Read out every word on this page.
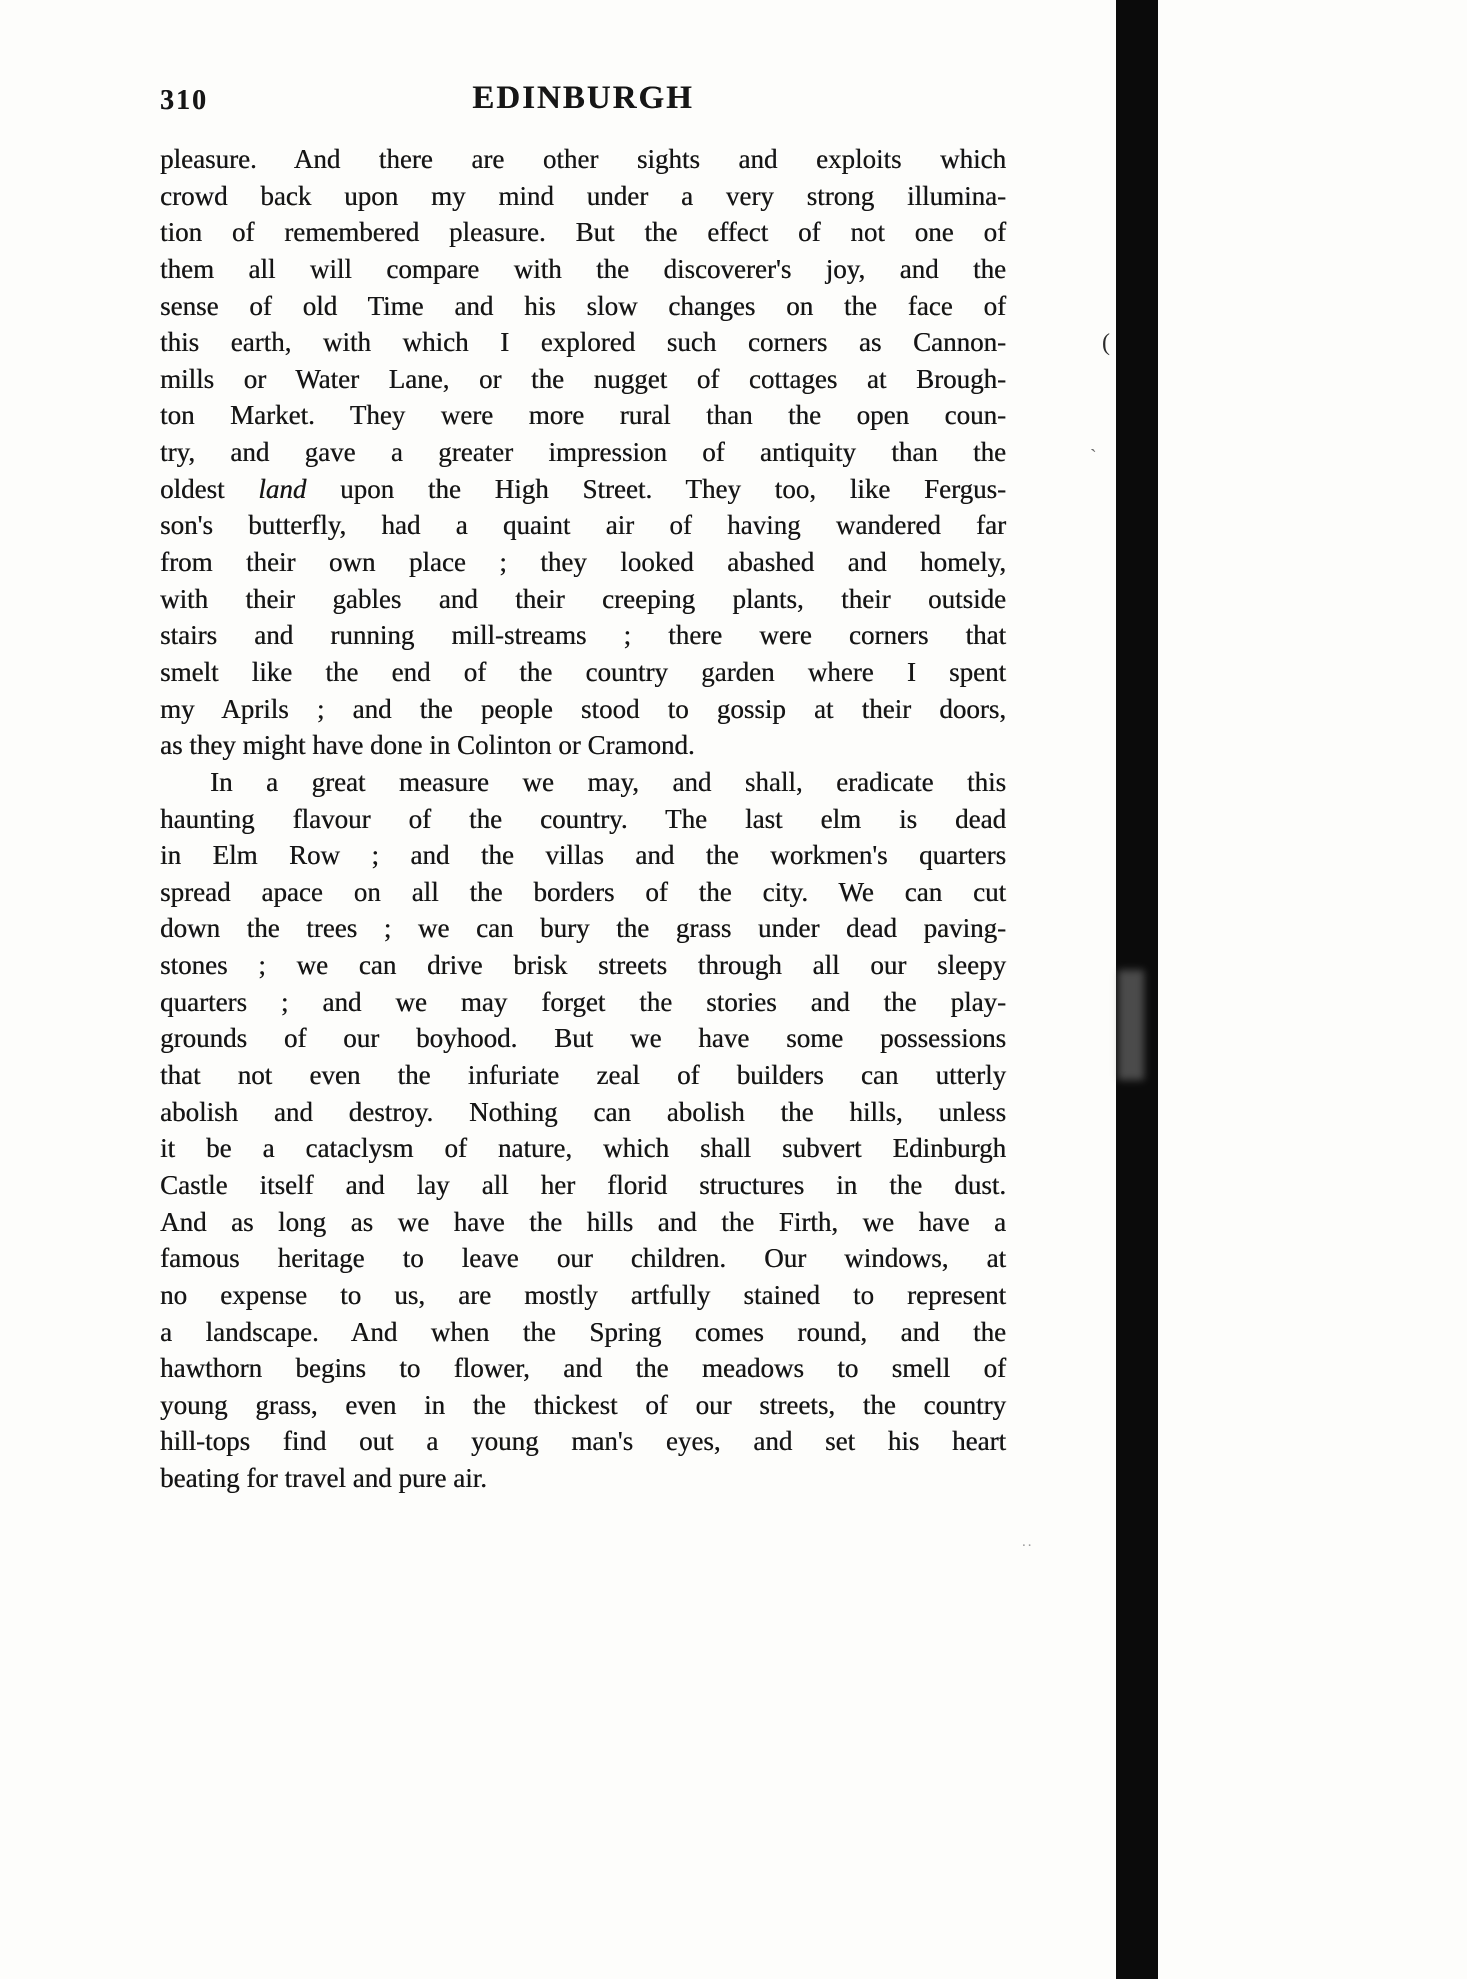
310	EDINBURGH
pleasure. And there are other sights and exploits which
crowd back upon my mind under a very strong illumina-
tion of remembered pleasure. But the effect of not one of
them all will compare with the discoverer's joy, and the
sense of old Time and his slow changes on the face of
this earth, with which I explored such corners as Cannon-
mills or Water Lane, or the nugget of cottages at Brough-
ton Market. They were more rural than the open coun-
try, and gave a greater impression of antiquity than the
oldest land upon the High Street. They too, like Fergus-
son's butterfly, had a quaint air of having wandered far
from their own place ; they looked abashed and homely,
with their gables and their creeping plants, their outside
stairs and running mill-streams ; there were corners that
smelt like the end of the country garden where I spent
my Aprils ; and the people stood to gossip at their doors,
as they might have done in Colinton or Cramond.
In a great measure we may, and shall, eradicate this
haunting flavour of the country. The last elm is dead
in Elm Row ; and the villas and the workmen's quarters
spread apace on all the borders of the city. We can cut
down the trees ; we can bury the grass under dead paving-
stones ; we can drive brisk streets through all our sleepy
quarters ; and we may forget the stories and the play-
grounds of our boyhood. But we have some possessions
that not even the infuriate zeal of builders can utterly
abolish and destroy. Nothing can abolish the hills, unless
it be a cataclysm of nature, which shall subvert Edinburgh
Castle itself and lay all her florid structures in the dust.
And as long as we have the hills and the Firth, we have a
famous heritage to leave our children. Our windows, at
no expense to us, are mostly artfully stained to represent
a landscape. And when the Spring comes round, and the
hawthorn begins to flower, and the meadows to smell of
young grass, even in the thickest of our streets, the country
hill-tops find out a young man's eyes, and set his heart
beating for travel and pure air.
(
`
..
